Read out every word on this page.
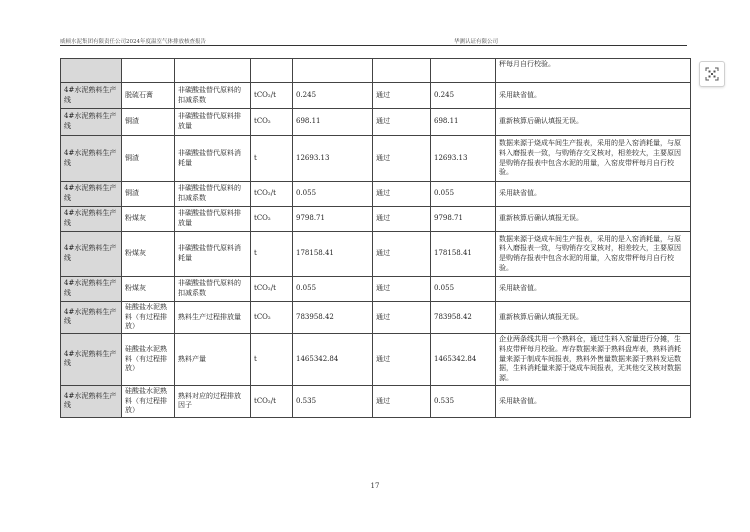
威顿水泥集团有限责任公司2024年度温室气体排放核查报告	华测认证有限公司
							秤每月自行校验。
4#水泥熟料生产线	脱硫石膏	非碳酸盐替代原料的扣减系数	tCO₂/t	0.245	通过	0.245	采用缺省值。
4#水泥熟料生产线	铜渣	非碳酸盐替代原料排放量	tCO₂	698.11	通过	698.11	重新核算后确认填报无误。
4#水泥熟料生产线	铜渣	非碳酸盐替代原料消耗量	t	12693.13	通过	12693.13	数据来源于烧成车间生产报表，采用的是入窑消耗量，与原料入磨报表一致，与购销存交叉核对，相差较大，主要原因是购销存报表中包含水泥的用量，入窑皮带秤每月自行校验。
4#水泥熟料生产线	铜渣	非碳酸盐替代原料的扣减系数	tCO₂/t	0.055	通过	0.055	采用缺省值。
4#水泥熟料生产线	粉煤灰	非碳酸盐替代原料排放量	tCO₂	9798.71	通过	9798.71	重新核算后确认填报无误。
4#水泥熟料生产线	粉煤灰	非碳酸盐替代原料消耗量	t	178158.41	通过	178158.41	数据来源于烧成车间生产报表，采用的是入窑消耗量，与原料入磨报表一致，与购销存交叉核对，相差较大，主要原因是购销存报表中包含水泥的用量，入窑皮带秤每月自行校验。
4#水泥熟料生产线	粉煤灰	非碳酸盐替代原料的扣减系数	tCO₂/t	0.055	通过	0.055	采用缺省值。
4#水泥熟料生产线	硅酸盐水泥熟料（有过程排放）	熟料生产过程排放量	tCO₂	783958.42	通过	783958.42	重新核算后确认填报无误。
4#水泥熟料生产线	硅酸盐水泥熟料（有过程排放）	熟料产量	t	1465342.84	通过	1465342.84	企业两条线共用一个熟料仓，通过生料入窑量进行分摊，生料皮带秤每月校验。库存数据来源于熟料盘库表，熟料消耗量来源于制成车间报表，熟料外售量数据来源于熟料发运数据，生料消耗量来源于烧成车间报表，无其他交叉核对数据源。
4#水泥熟料生产线	硅酸盐水泥熟料（有过程排放）	熟料对应的过程排放因子	tCO₂/t	0.535	通过	0.535	采用缺省值。
17
